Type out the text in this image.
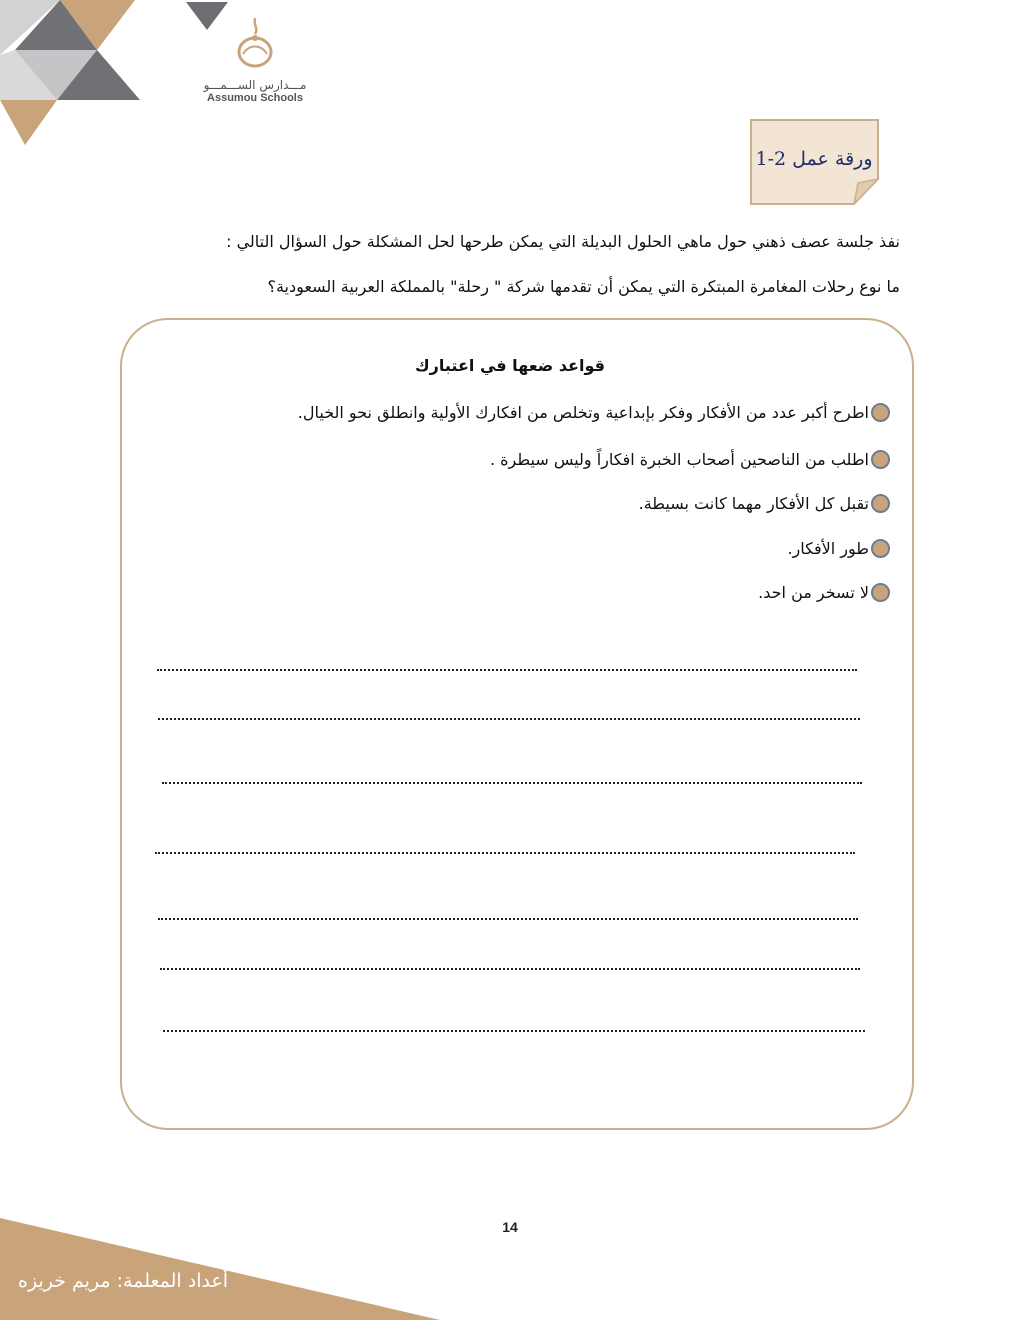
مـــدارس الســـمـــو
Assumou Schools
ورقة عمل 2-1
نفذ جلسة عصف ذهني حول ماهي الحلول البديلة التي يمكن طرحها لحل المشكلة حول السؤال التالي :
ما نوع رحلات المغامرة المبتكرة التي يمكن أن تقدمها شركة " رحلة" بالمملكة العربية السعودية؟
قواعد ضعها في اعتبارك
اطرح أكبر عدد من الأفكار وفكر بإبداعية وتخلص من افكارك الأولية وانطلق نحو الخيال.
اطلب من الناصحين أصحاب الخبرة افكاراً وليس سيطرة .
تقبل كل الأفكار مهما كانت بسيطة.
طور الأفكار.
لا تسخر من احد.
14
أعداد المعلمة: مريم خريزه
